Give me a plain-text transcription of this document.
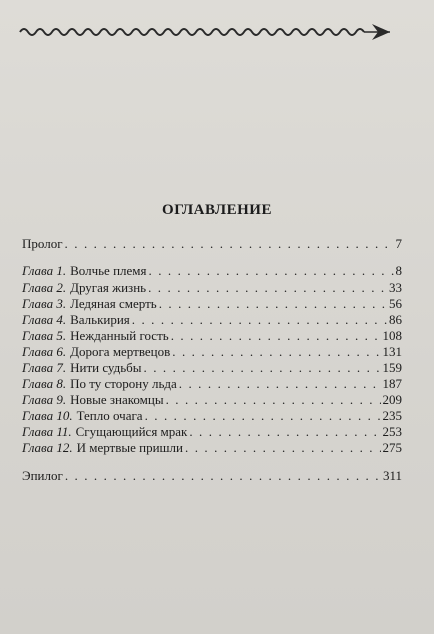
ОГЛАВЛЕНИЕ
Пролог . . .	7
Глава 1. Волчье племя . . .	8
Глава 2. Другая жизнь . . .	33
Глава 3. Ледяная смерть . . .	56
Глава 4. Валькирия . . .	86
Глава 5. Нежданный гость . . .	108
Глава 6. Дорога мертвецов . . .	131
Глава 7. Нити судьбы . . .	159
Глава 8. По ту сторону льда . . .	187
Глава 9. Новые знакомцы . . .	209
Глава 10. Тепло очага . . .	235
Глава 11. Сгущающийся мрак . . .	253
Глава 12. И мертвые пришли . . .	275
Эпилог . . .	311
